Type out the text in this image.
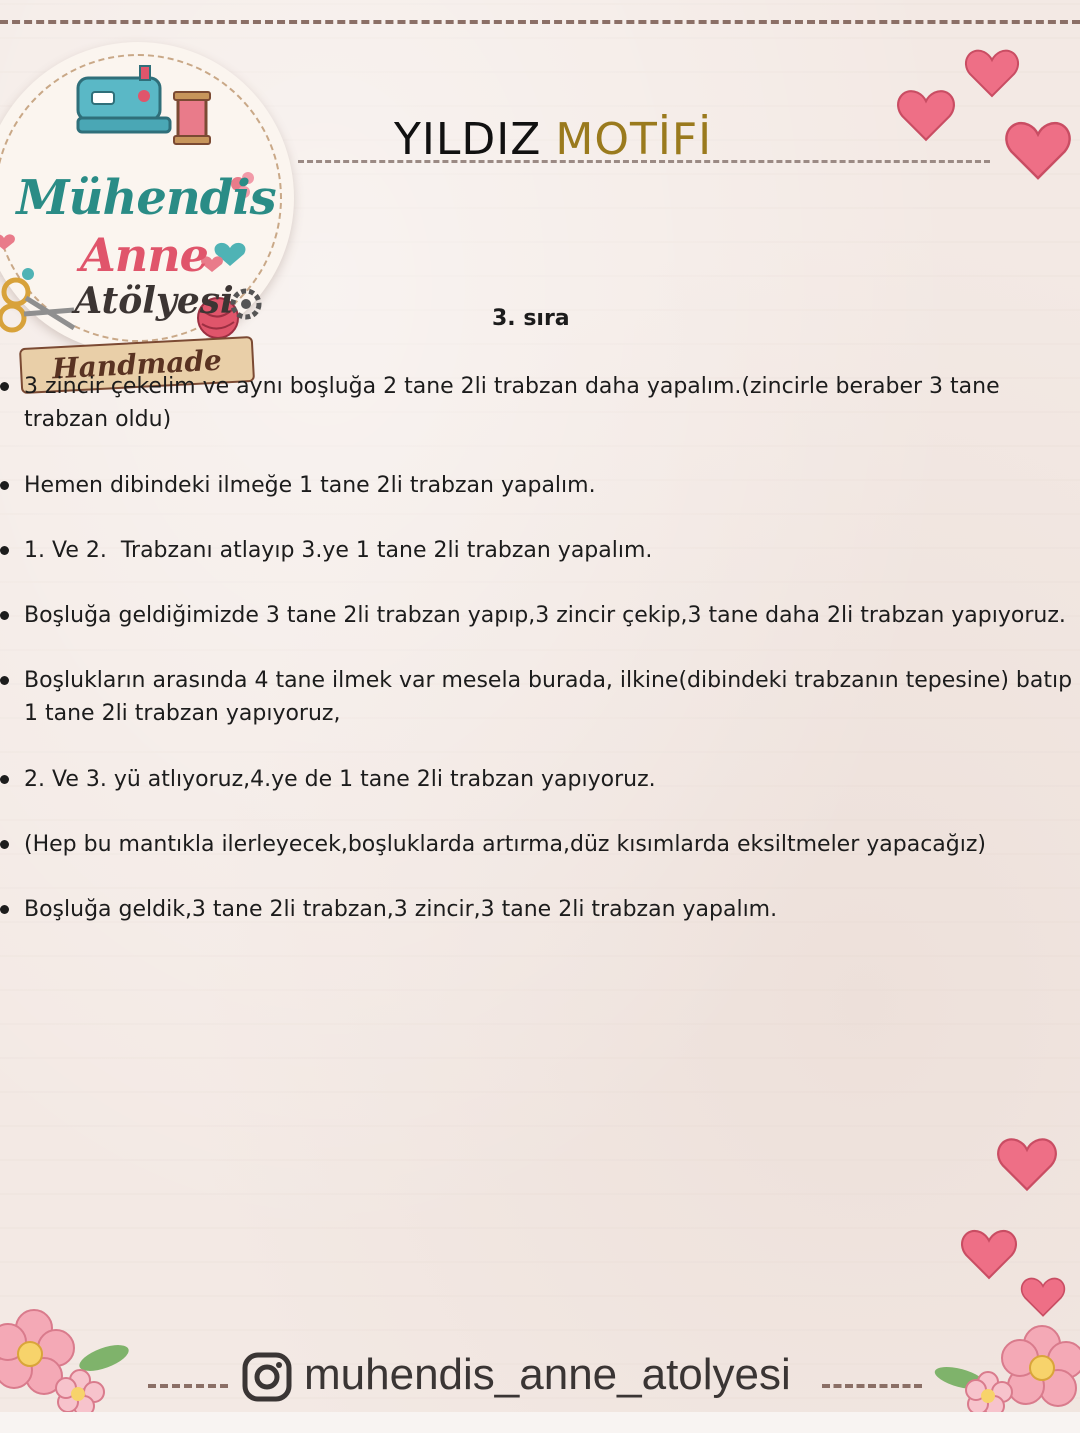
Mühendis
Anne
Atölyesi
Handmade
YILDIZ MOTİFİ
3. sıra
3 zincir çekelim ve aynı boşluğa 2 tane 2li trabzan daha yapalım.(zincirle beraber 3 tane trabzan oldu)
Hemen dibindeki ilmeğe 1 tane 2li trabzan yapalım.
1. Ve 2.  Trabzanı atlayıp 3.ye 1 tane 2li trabzan yapalım.
Boşluğa geldiğimizde 3 tane 2li trabzan yapıp,3 zincir çekip,3 tane daha 2li trabzan yapıyoruz.
Boşlukların arasında 4 tane ilmek var mesela burada, ilkine(dibindeki trabzanın tepesine) batıp 1 tane 2li trabzan yapıyoruz,
2. Ve 3. yü atlıyoruz,4.ye de 1 tane 2li trabzan yapıyoruz.
(Hep bu mantıkla ilerleyecek,boşluklarda artırma,düz kısımlarda eksiltmeler yapacağız)
Boşluğa geldik,3 tane 2li trabzan,3 zincir,3 tane 2li trabzan yapalım.
muhendis_anne_atolyesi
